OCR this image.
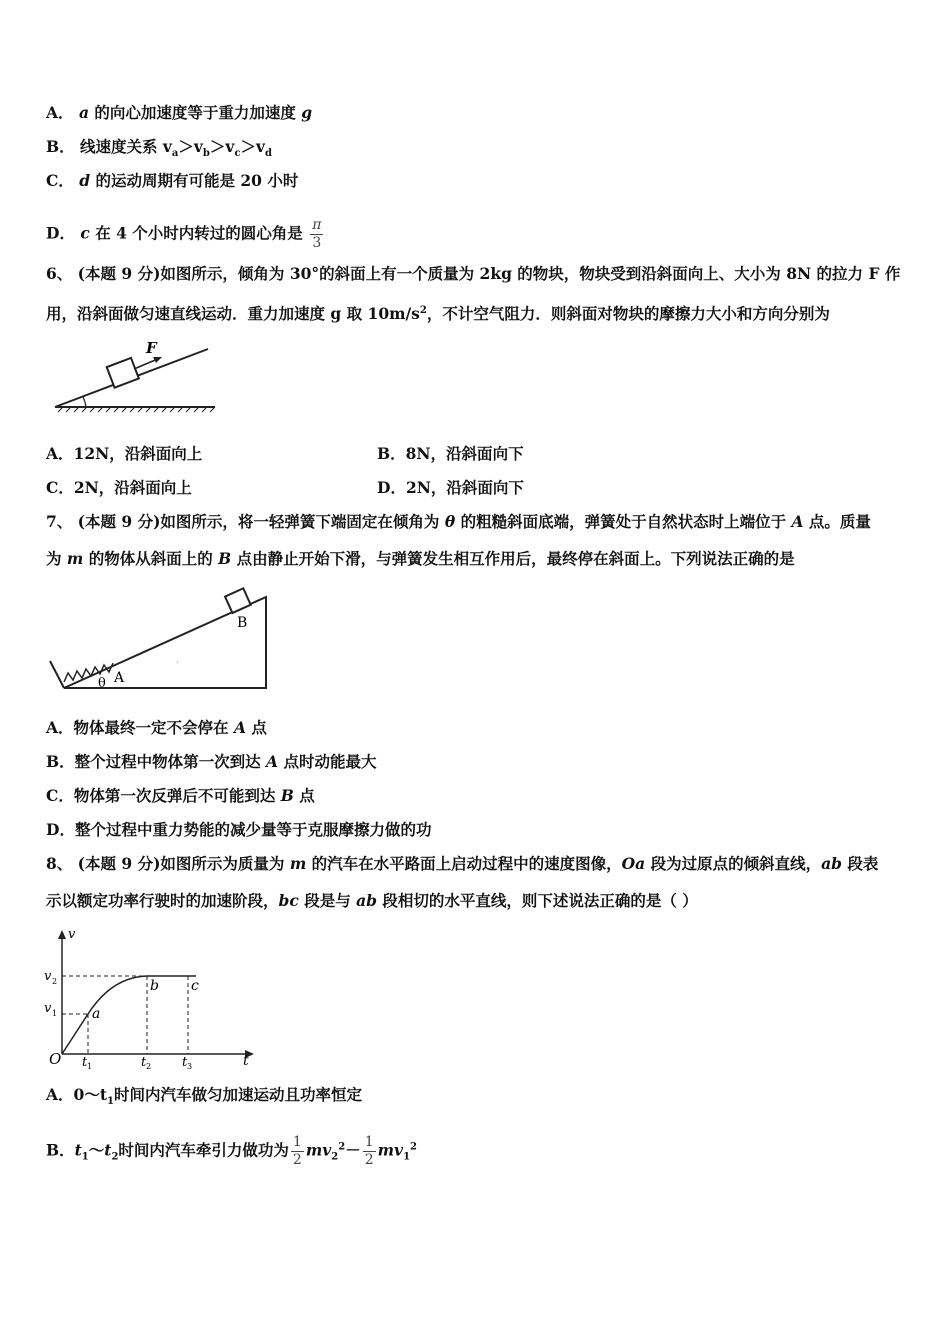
A． a 的向心加速度等于重力加速度 g
B． 线速度关系 $v_a>v_b>v_c>v_d$
C． d 的运动周期有可能是 20 小时
D． c 在 4 个小时内转过的圆心角是 $\frac{\pi}{3}$
6、 (本题 9 分)如图所示，倾角为 30°的斜面上有一个质量为 2kg 的物块，物块受到沿斜面向上、大小为 8N 的拉力 F 作
用，沿斜面做匀速直线运动．重力加速度 g 取 $10m/s^2$，不计空气阻力．则斜面对物块的摩擦力大小和方向分别为
F
A．12N，沿斜面向上	B．8N，沿斜面向下
C．2N，沿斜面向上	D．2N，沿斜面向下
7、 (本题 9 分)如图所示，将一轻弹簧下端固定在倾角为 θ 的粗糙斜面底端，弹簧处于自然状态时上端位于 A 点。质量
为 m 的物体从斜面上的 B 点由静止开始下滑，与弹簧发生相互作用后，最终停在斜面上。下列说法正确的是
B
θ A
·
A．物体最终一定不会停在 A 点
B．整个过程中物体第一次到达 A 点时动能最大
C．物体第一次反弹后不可能到达 B 点
D．整个过程中重力势能的减少量等于克服摩擦力做的功
8、 (本题 9 分)如图所示为质量为 m 的汽车在水平路面上启动过程中的速度图像，Oa 段为过原点的倾斜直线，ab 段表
示以额定功率行驶时的加速阶段，bc 段是与 ab 段相切的水平直线，则下述说法正确的是（ ）
v
v 2
v 1
O	t
t 1	t 2 t 3
a
b c
A．$0\sim t_1$时间内汽车做匀加速运动且功率恒定
B．$t_1\sim t_2$时间内汽车牵引力做功为 $\frac{1}{2} mv_2^2- \frac{1}{2} mv_1^2$
